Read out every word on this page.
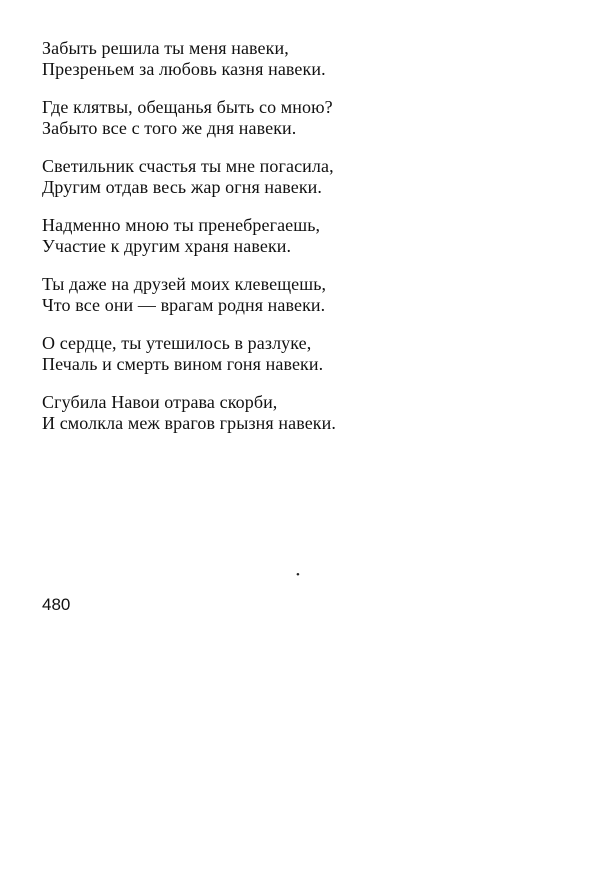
Забыть решила ты меня навеки,
Презреньем за любовь казня навеки.
Где клятвы, обещанья быть со мною?
Забыто все с того же дня навеки.
Светильник счастья ты мне погасила,
Другим отдав весь жар огня навеки.
Надменно мною ты пренебрегаешь,
Участие к другим храня навеки.
Ты даже на друзей моих клевещешь,
Что все они — врагам родня навеки.
О сердце, ты утешилось в разлуке,
Печаль и смерть вином гоня навеки.
Сгубила Навои отрава скорби,
И смолкла меж врагов грызня навеки.
•
480
